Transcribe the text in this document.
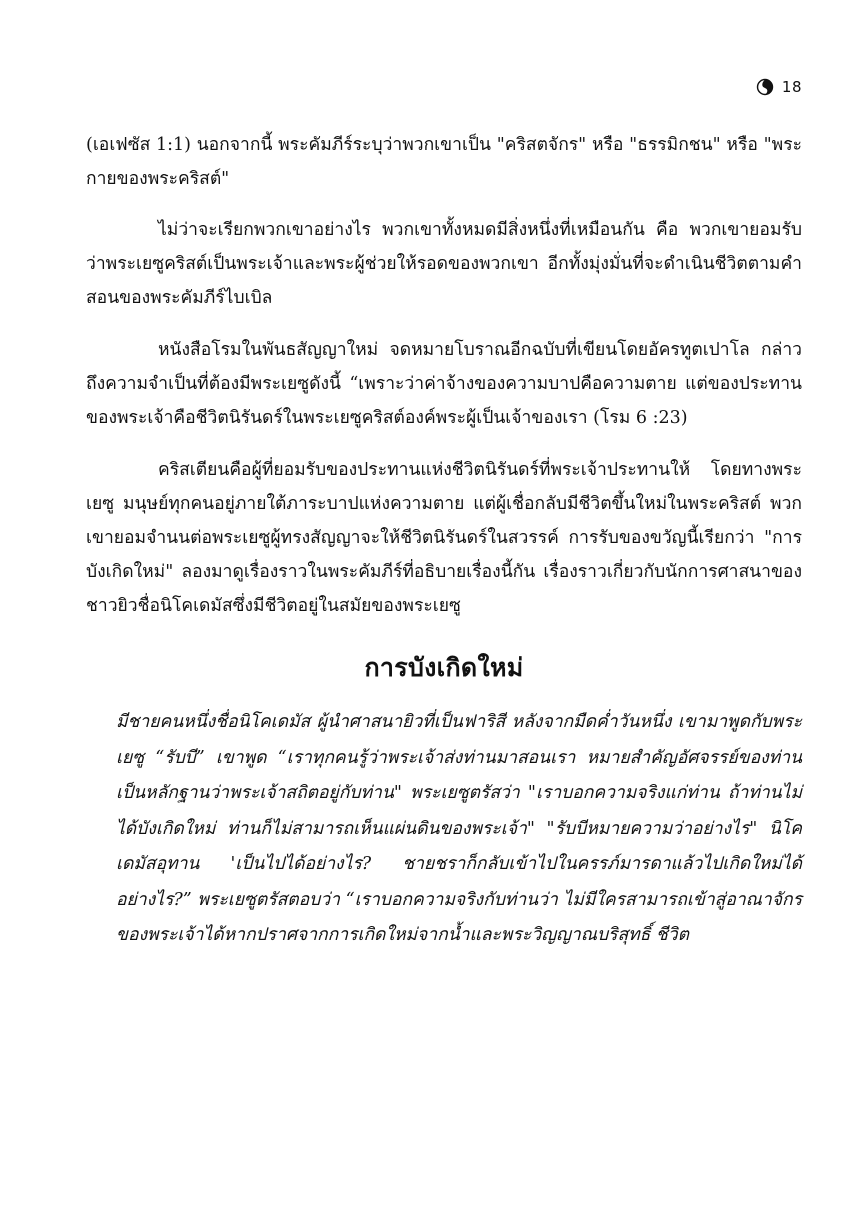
18

(เอเฟซัส 1:1) นอกจากนี้ พระคัมภีร์ระบุว่าพวกเขาเป็น "คริสตจักร" หรือ "ธรรมิกชน" หรือ "พระกายของพระคริสต์"

ไม่ว่าจะเรียกพวกเขาอย่างไร พวกเขาทั้งหมดมีสิ่งหนึ่งที่เหมือนกัน คือ พวกเขายอมรับว่าพระเยซูคริสต์เป็นพระเจ้าและพระผู้ช่วยให้รอดของพวกเขา อีกทั้งมุ่งมั่นที่จะดำเนินชีวิตตามคำสอนของพระคัมภีร์ไบเบิล

หนังสือโรมในพันธสัญญาใหม่ จดหมายโบราณอีกฉบับที่เขียนโดยอัครทูตเปาโล กล่าวถึงความจำเป็นที่ต้องมีพระเยซูดังนี้ “เพราะว่าค่าจ้างของความบาปคือความตาย แต่ของประทานของพระเจ้าคือชีวิตนิรันดร์ในพระเยซูคริสต์องค์พระผู้เป็นเจ้าของเรา (โรม 6 :23)

คริสเตียนคือผู้ที่ยอมรับของประทานแห่งชีวิตนิรันดร์ที่พระเจ้าประทานให้ โดยทางพระเยซู มนุษย์ทุกคนอยู่ภายใต้ภาระบาปแห่งความตาย แต่ผู้เชื่อกลับมีชีวิตขึ้นใหม่ในพระคริสต์ พวกเขายอมจำนนต่อพระเยซูผู้ทรงสัญญาจะให้ชีวิตนิรันดร์ในสวรรค์ การรับของขวัญนี้เรียกว่า "การบังเกิดใหม่" ลองมาดูเรื่องราวในพระคัมภีร์ที่อธิบายเรื่องนี้กัน เรื่องราวเกี่ยวกับนักการศาสนาของชาวยิวชื่อนิโคเดมัสซึ่งมีชีวิตอยู่ในสมัยของพระเยซู

การบังเกิดใหม่

มีชายคนหนึ่งชื่อนิโคเดมัส ผู้นำศาสนายิวที่เป็นฟาริสี หลังจากมืดค่ำวันหนึ่ง เขามาพูดกับพระเยซู “รับบี” เขาพูด “เราทุกคนรู้ว่าพระเจ้าส่งท่านมาสอนเรา หมายสำคัญอัศจรรย์ของท่านเป็นหลักฐานว่าพระเจ้าสถิตอยู่กับท่าน" พระเยซูตรัสว่า "เราบอกความจริงแก่ท่าน ถ้าท่านไม่ได้บังเกิดใหม่ ท่านก็ไม่สามารถเห็นแผ่นดินของพระเจ้า" "รับบีหมายความว่าอย่างไร" นิโคเดมัสอุทาน 'เป็นไปได้อย่างไร? ชายชราก็กลับเข้าไปในครรภ์มารดาแล้วไปเกิดใหม่ได้อย่างไร?” พระเยซูตรัสตอบว่า “เราบอกความจริงกับท่านว่า ไม่มีใครสามารถเข้าสู่อาณาจักรของพระเจ้าได้หากปราศจากการเกิดใหม่จากน้ำและพระวิญญาณบริสุทธิ์ ชีวิต
